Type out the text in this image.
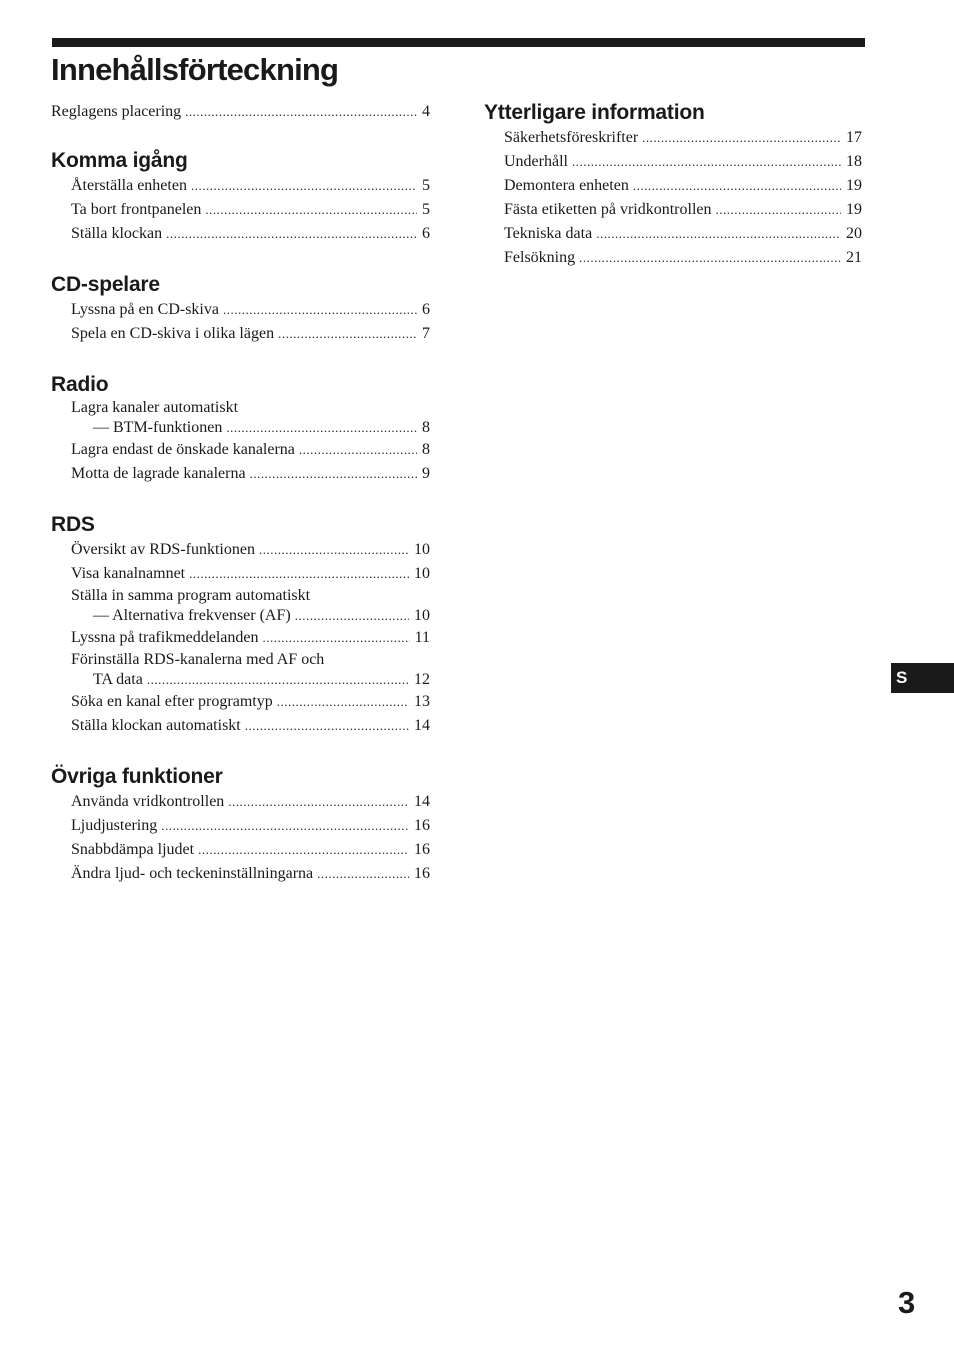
Innehållsförteckning
Reglagens placering .....	4
Komma igång
Återställa enheten .....	5
Ta bort frontpanelen .....	5
Ställa klockan .....	6
CD-spelare
Lyssna på en CD-skiva .....	6
Spela en CD-skiva i olika lägen .....	7
Radio
Lagra kanaler automatiskt
— BTM-funktionen .....	8
Lagra endast de önskade kanalerna .....	8
Motta de lagrade kanalerna .....	9
RDS
Översikt av RDS-funktionen .....	10
Visa kanalnamnet .....	10
Ställa in samma program automatiskt
— Alternativa frekvenser (AF) .....	10
Lyssna på trafikmeddelanden .....	11
Förinställa RDS-kanalerna med AF och
TA data .....	12
Söka en kanal efter programtyp .....	13
Ställa klockan automatiskt .....	14
Övriga funktioner
Använda vridkontrollen .....	14
Ljudjustering .....	16
Snabbdämpa ljudet .....	16
Ändra ljud- och teckeninställningarna .....	16
Ytterligare information
Säkerhetsföreskrifter .....	17
Underhåll .....	18
Demontera enheten .....	19
Fästa etiketten på vridkontrollen .....	19
Tekniska data .....	20
Felsökning .....	21
S
3
